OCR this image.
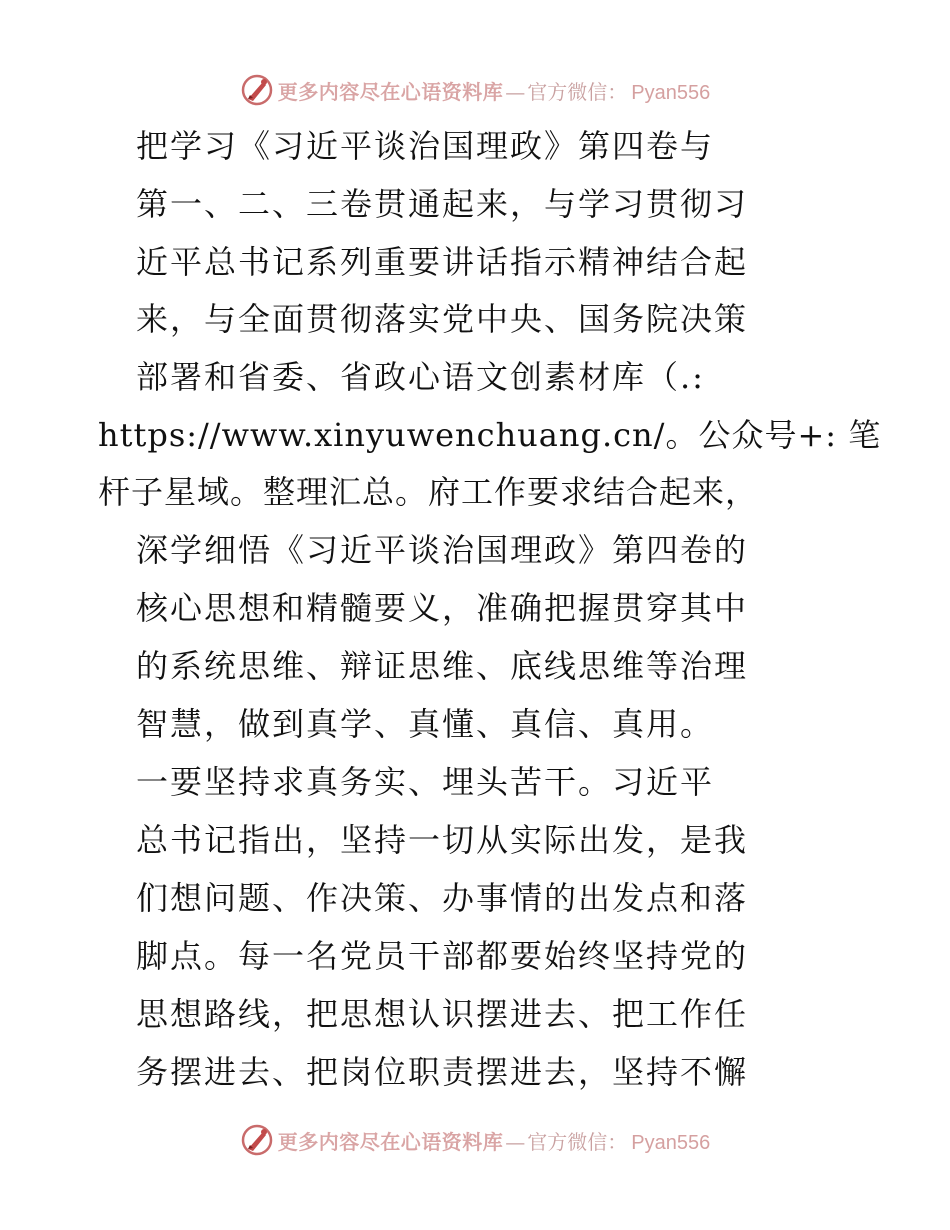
更多内容尽在心语资料库 — 官方微信： Pyan556
把学习《习近平谈治国理政》第四卷与
第一、二、三卷贯通起来，与学习贯彻习
近平总书记系列重要讲话指示精神结合起
来，与全面贯彻落实党中央、国务院决策
部署和省委、省政心语文创素材库（.:
https://www.xinyuwenchuang.cn/。公众号+: 笔
杆子星域。整理汇总。府工作要求结合起来，
深学细悟《习近平谈治国理政》第四卷的
核心思想和精髓要义，准确把握贯穿其中
的系统思维、辩证思维、底线思维等治理
智慧，做到真学、真懂、真信、真用。
一要坚持求真务实、埋头苦干。习近平
总书记指出，坚持一切从实际出发，是我
们想问题、作决策、办事情的出发点和落
脚点。每一名党员干部都要始终坚持党的
思想路线，把思想认识摆进去、把工作任
务摆进去、把岗位职责摆进去，坚持不懈
更多内容尽在心语资料库 — 官方微信： Pyan556
